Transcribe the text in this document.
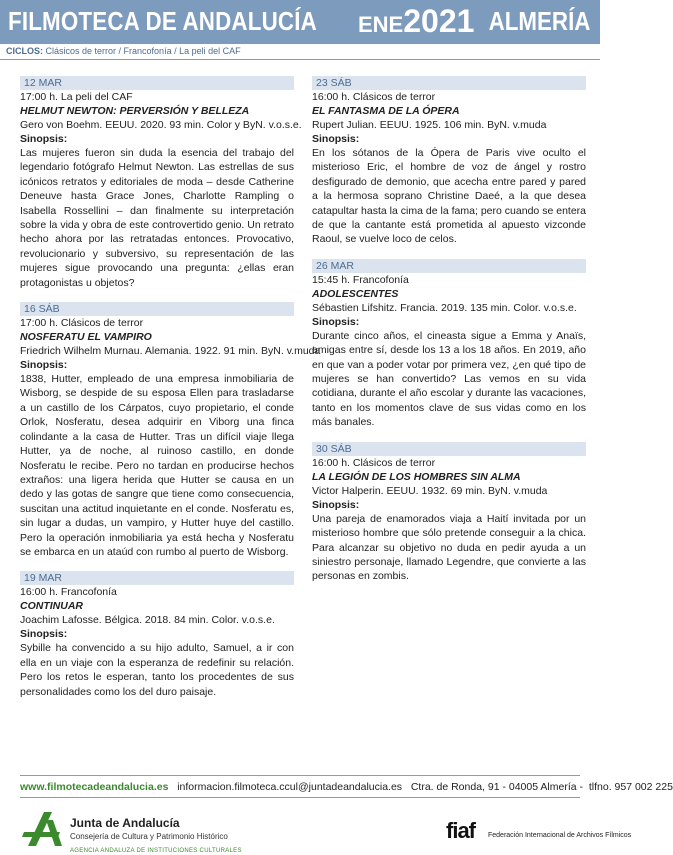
FILMOTECA DE ANDALUCÍA ENE2021 ALMERÍA
CICLOS: Clásicos de terror / Francofonía / La peli del CAF
12 MAR
17:00 h. La peli del CAF
HELMUT NEWTON: PERVERSIÓN Y BELLEZA
Gero von Boehm. EEUU. 2020. 93 min. Color y ByN. v.o.s.e.
Sinopsis:
Las mujeres fueron sin duda la esencia del trabajo del legendario fotógrafo Helmut Newton. Las estrellas de sus icónicos retratos y editoriales de moda – desde Catherine Deneuve hasta Grace Jones, Charlotte Rampling o Isabella Rossellini – dan finalmente su interpretación sobre la vida y obra de este controvertido genio. Un retrato hecho ahora por las retratadas entonces. Provocativo, revolucionario y subversivo, su representación de las mujeres sigue provocando una pregunta: ¿ellas eran protagonistas u objetos?
16 SÁB
17:00 h. Clásicos de terror
NOSFERATU EL VAMPIRO
Friedrich Wilhelm Murnau. Alemania. 1922. 91 min. ByN. v.muda
Sinopsis:
1838, Hutter, empleado de una empresa inmobiliaria de Wisborg, se despide de su esposa Ellen para trasladarse a un castillo de los Cárpatos, cuyo propietario, el conde Orlok, Nosferatu, desea adquirir en Viborg una finca colindante a la casa de Hutter. Tras un difícil viaje llega Hutter, ya de noche, al ruinoso castillo, en donde Nosferatu le recibe. Pero no tardan en producirse hechos extraños: una ligera herida que Hutter se causa en un dedo y las gotas de sangre que tiene como consecuencia, suscitan una actitud inquietante en el conde. Nosferatu es, sin lugar a dudas, un vampiro, y Hutter huye del castillo. Pero la operación inmobiliaria ya está hecha y Nosferatu se embarca en un ataúd con rumbo al puerto de Wisborg.
19 MAR
16:00 h. Francofonía
CONTINUAR
Joachim Lafosse. Bélgica. 2018. 84 min. Color. v.o.s.e.
Sinopsis:
Sybille ha convencido a su hijo adulto, Samuel, a ir con ella en un viaje con la esperanza de redefinir su relación. Pero los retos le esperan, tanto los procedentes de sus personalidades como los del duro paisaje.
23 SÁB
16:00 h. Clásicos de terror
EL FANTASMA DE LA ÓPERA
Rupert Julian. EEUU. 1925. 106 min. ByN. v.muda
Sinopsis:
En los sótanos de la Ópera de Paris vive oculto el misterioso Eric, el hombre de voz de ángel y rostro desfigurado de demonio, que acecha entre pared y pared a la hermosa soprano Christine Daeé, a la que desea catapultar hasta la cima de la fama; pero cuando se entera de que la cantante está prometida al apuesto vizconde Raoul, se vuelve loco de celos.
26 MAR
15:45 h. Francofonía
ADOLESCENTES
Sébastien Lifshitz. Francia. 2019. 135 min. Color. v.o.s.e.
Sinopsis:
Durante cinco años, el cineasta sigue a Emma y Anaïs, amigas entre sí, desde los 13 a los 18 años. En 2019, año en que van a poder votar por primera vez, ¿en qué tipo de mujeres se han convertido? Las vemos en su vida cotidiana, durante el año escolar y durante las vacaciones, tanto en los momentos clave de sus vidas como en los más banales.
30 SÁB
16:00 h. Clásicos de terror
LA LEGIÓN DE LOS HOMBRES SIN ALMA
Victor Halperin. EEUU. 1932. 69 min. ByN. v.muda
Sinopsis:
Una pareja de enamorados viaja a Haití invitada por un misterioso hombre que sólo pretende conseguir a la chica. Para alcanzar su objetivo no duda en pedir ayuda a un siniestro personaje, llamado Legendre, que convierte a las personas en zombis.
www.filmotecadeandalucia.es informacion.filmoteca.ccul@juntadeandalucia.es Ctra. de Ronda, 91 - 04005 Almería -  tlfno. 957 002 225
Junta de Andalucía
Consejería de Cultura y Patrimonio Histórico
AGENCIA ANDALUZA DE INSTITUCIONES CULTURALES
fiaf Federación Internacional de Archivos Fílmicos
